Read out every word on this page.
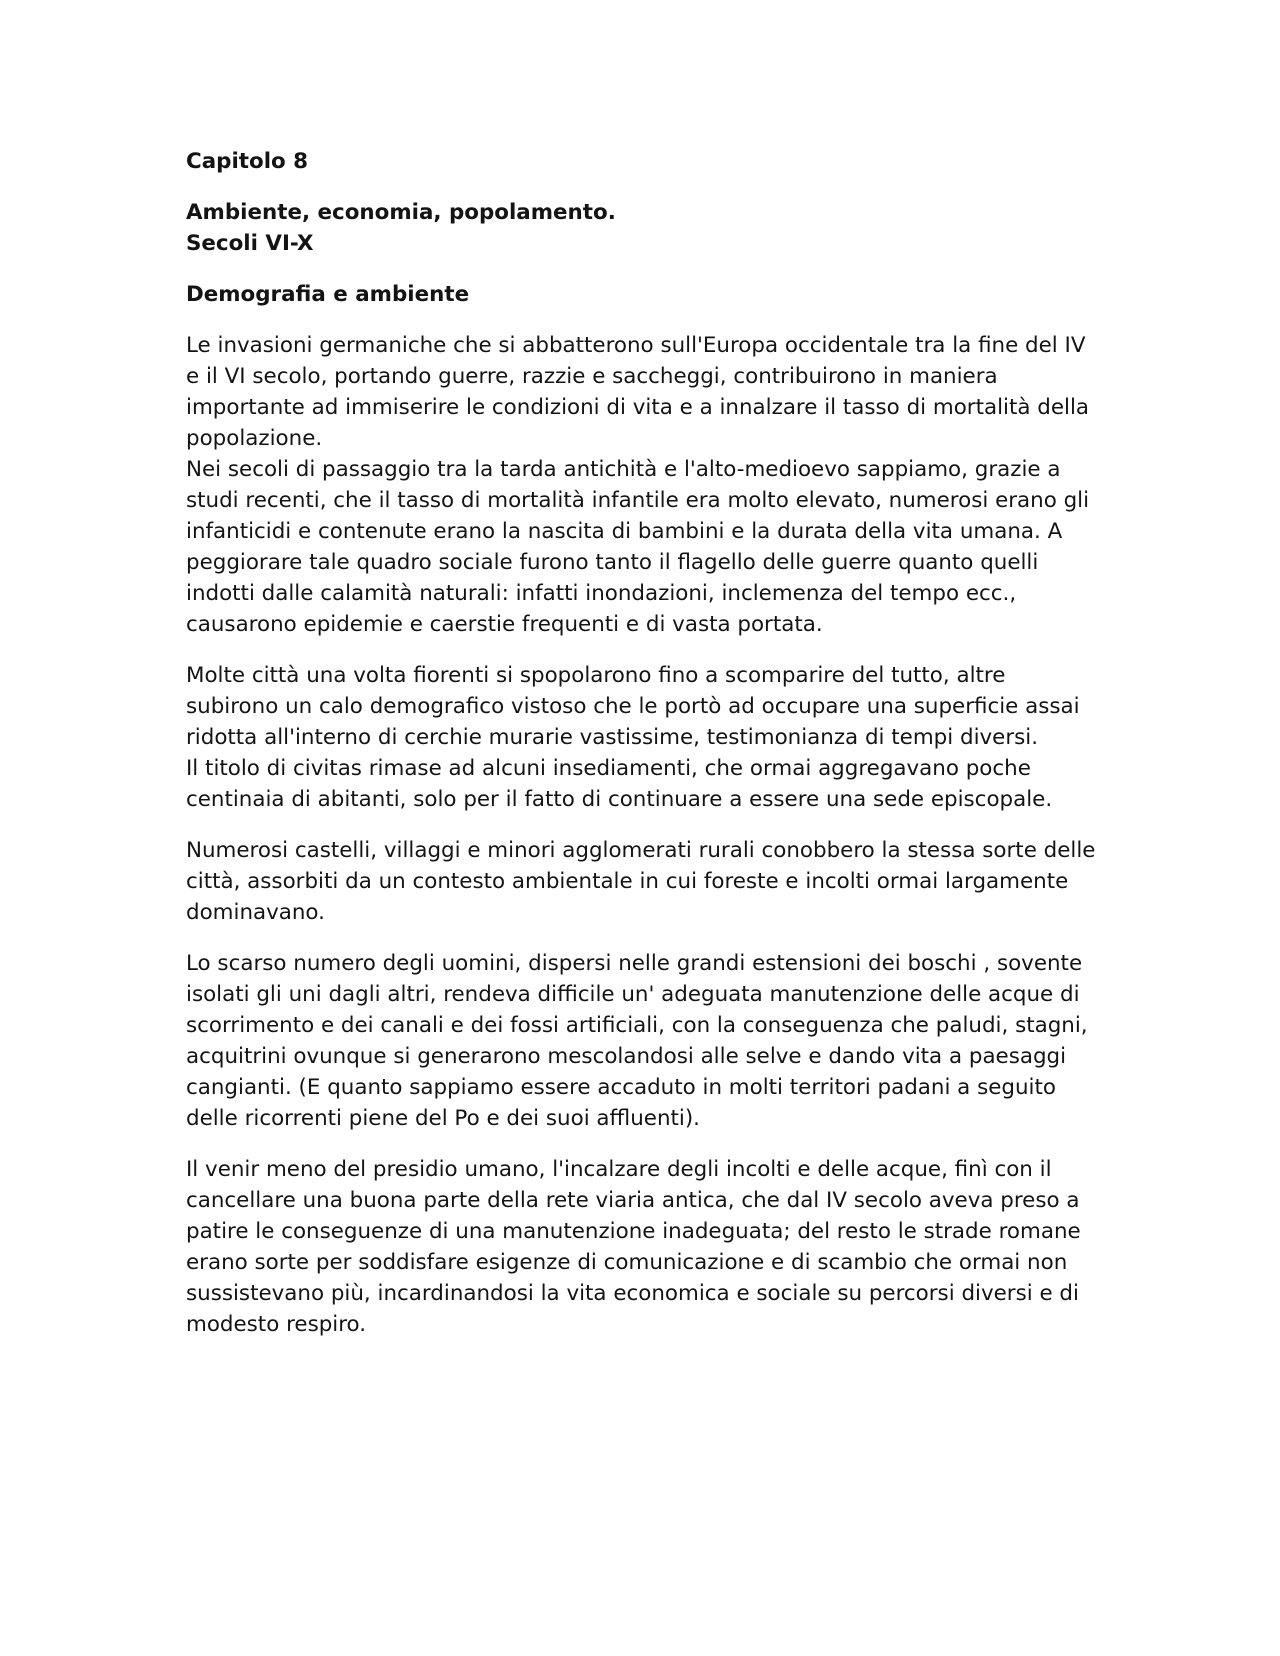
Capitolo 8

Ambiente, economia, popolamento.
Secoli VI-X

Demografia e ambiente

Le invasioni germaniche che si abbatterono sull'Europa occidentale tra la fine del IV e il VI secolo, portando guerre, razzie e saccheggi, contribuirono in maniera importante ad immiserire le condizioni di vita e a innalzare il tasso di mortalità della popolazione.
Nei secoli di passaggio tra la tarda antichità e l'alto-medioevo sappiamo, grazie a studi recenti, che il tasso di mortalità infantile era molto elevato, numerosi erano gli infanticidi e contenute erano la nascita di bambini e la durata della vita umana. A peggiorare tale quadro sociale furono tanto il flagello delle guerre quanto quelli indotti dalle calamità naturali: infatti inondazioni, inclemenza del tempo ecc., causarono epidemie e caerstie frequenti e di vasta portata.
Molte città una volta fiorenti si spopolarono fino a scomparire del tutto, altre subirono un calo demografico vistoso che le portò ad occupare una superficie assai ridotta all'interno di cerchie murarie vastissime, testimonianza di tempi diversi.
Il titolo di civitas rimase ad alcuni insediamenti, che ormai aggregavano poche centinaia di abitanti, solo per il fatto di continuare a essere una sede episcopale.
Numerosi castelli, villaggi e minori agglomerati rurali conobbero la stessa sorte delle città, assorbiti da un contesto ambientale in cui foreste e incolti ormai largamente dominavano.
Lo scarso numero degli uomini, dispersi nelle grandi estensioni dei boschi , sovente isolati gli uni dagli altri, rendeva difficile un' adeguata manutenzione delle acque di scorrimento e dei canali e dei fossi artificiali, con la conseguenza che paludi, stagni, acquitrini ovunque si generarono mescolandosi alle selve e dando vita a paesaggi cangianti. (E quanto sappiamo essere accaduto in molti territori padani a seguito delle ricorrenti piene del Po e dei suoi affluenti).
Il venir meno del presidio umano, l'incalzare degli incolti e delle acque, finì con il cancellare una buona parte della rete viaria antica, che dal IV secolo aveva preso a patire le conseguenze di una manutenzione inadeguata; del resto le strade romane erano sorte per soddisfare esigenze di comunicazione e di scambio che ormai non sussistevano più, incardinandosi la vita economica e sociale su percorsi diversi e di modesto respiro.
